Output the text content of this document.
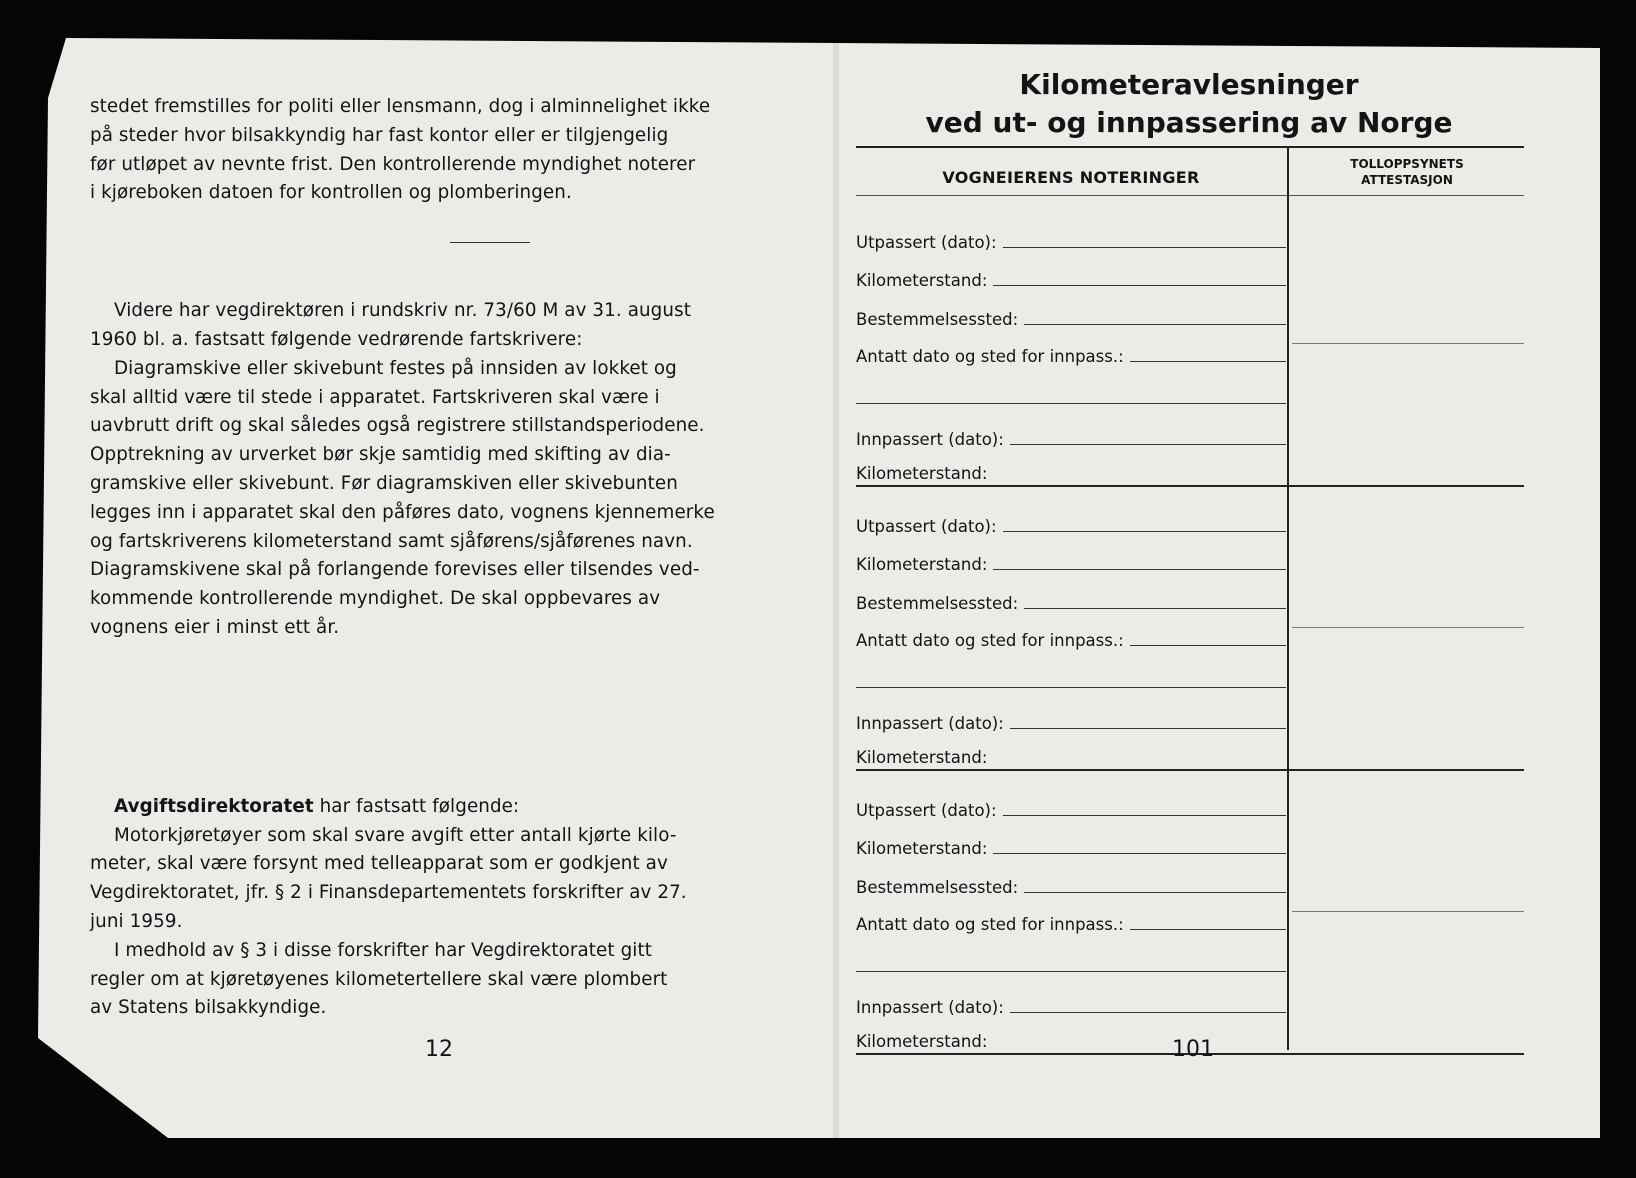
stedet fremstilles for politi eller lensmann, dog i alminnelighet ikke

på steder hvor bilsakkyndig har fast kontor eller er tilgjengelig

før utløpet av nevnte frist. Den kontrollerende myndighet noterer

i kjøreboken datoen for kontrollen og plomberingen.

Videre har vegdirektøren i rundskriv nr. 73/60 M av 31. august

1960 bl. a. fastsatt følgende vedrørende fartskrivere:

Diagramskive eller skivebunt festes på innsiden av lokket og

skal alltid være til stede i apparatet. Fartskriveren skal være i

uavbrutt drift og skal således også registrere stillstandsperiodene.

Opptrekning av urverket bør skje samtidig med skifting av dia-

gramskive eller skivebunt. Før diagramskiven eller skivebunten

legges inn i apparatet skal den påføres dato, vognens kjennemerke

og fartskriverens kilometerstand samt sjåførens/sjåførenes navn.

Diagramskivene skal på forlangende forevises eller tilsendes ved-

kommende kontrollerende myndighet. De skal oppbevares av

vognens eier i minst ett år.

Avgiftsdirektoratet har fastsatt følgende:

Motorkjøretøyer som skal svare avgift etter antall kjørte kilo-

meter, skal være forsynt med telleapparat som er godkjent av

Vegdirektoratet, jfr. § 2 i Finansdepartementets forskrifter av 27.

juni 1959.

I medhold av § 3 i disse forskrifter har Vegdirektoratet gitt

regler om at kjøretøyenes kilometertellere skal være plombert

av Statens bilsakkyndige.

12
Kilometeravlesninger
ved ut- og innpassering av Norge
VOGNEIERENS NOTERINGER
TOLLOPPSYNETS
ATTESTASJON
Utpassert (dato):
Kilometerstand:
Bestemmelsessted:
Antatt dato og sted for innpass.:
Innpassert (dato):
Kilometerstand:
Utpassert (dato):
Kilometerstand:
Bestemmelsessted:
Antatt dato og sted for innpass.:
Innpassert (dato):
Kilometerstand:
Utpassert (dato):
Kilometerstand:
Bestemmelsessted:
Antatt dato og sted for innpass.:
Innpassert (dato):
Kilometerstand:	101
